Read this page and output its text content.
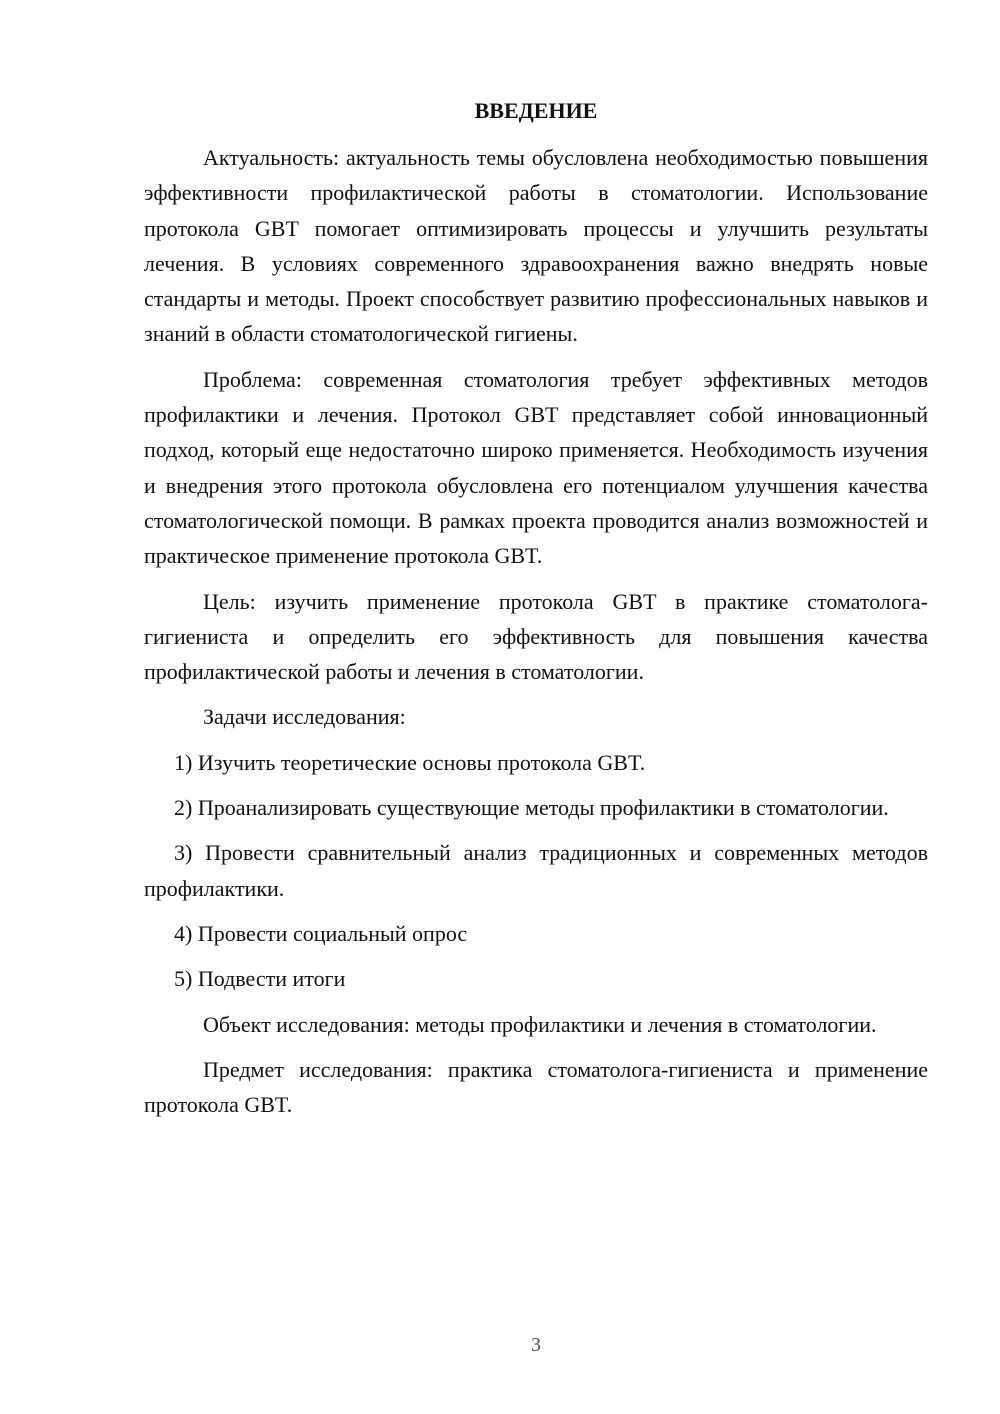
ВВЕДЕНИЕ

Актуальность: актуальность темы обусловлена необходимостью повышения эффективности профилактической работы в стоматологии. Использование протокола GBT помогает оптимизировать процессы и улучшить результаты лечения. В условиях современного здравоохранения важно внедрять новые стандарты и методы. Проект способствует развитию профессиональных навыков и знаний в области стоматологической гигиены.

Проблема: современная стоматология требует эффективных методов профилактики и лечения. Протокол GBT представляет собой инновационный подход, который еще недостаточно широко применяется. Необходимость изучения и внедрения этого протокола обусловлена его потенциалом улучшения качества стоматологической помощи. В рамках проекта проводится анализ возможностей и практическое применение протокола GBT.

Цель: изучить применение протокола GBT в практике стоматолога-гигиениста и определить его эффективность для повышения качества профилактической работы и лечения в стоматологии.

Задачи исследования:

1) Изучить теоретические основы протокола GBT.

2) Проанализировать существующие методы профилактики в стоматологии.

3) Провести сравнительный анализ традиционных и современных методов профилактики.

4) Провести социальный опрос

5) Подвести итоги

Объект исследования: методы профилактики и лечения в стоматологии.

Предмет исследования: практика стоматолога-гигиениста и применение протокола GBT.

3
